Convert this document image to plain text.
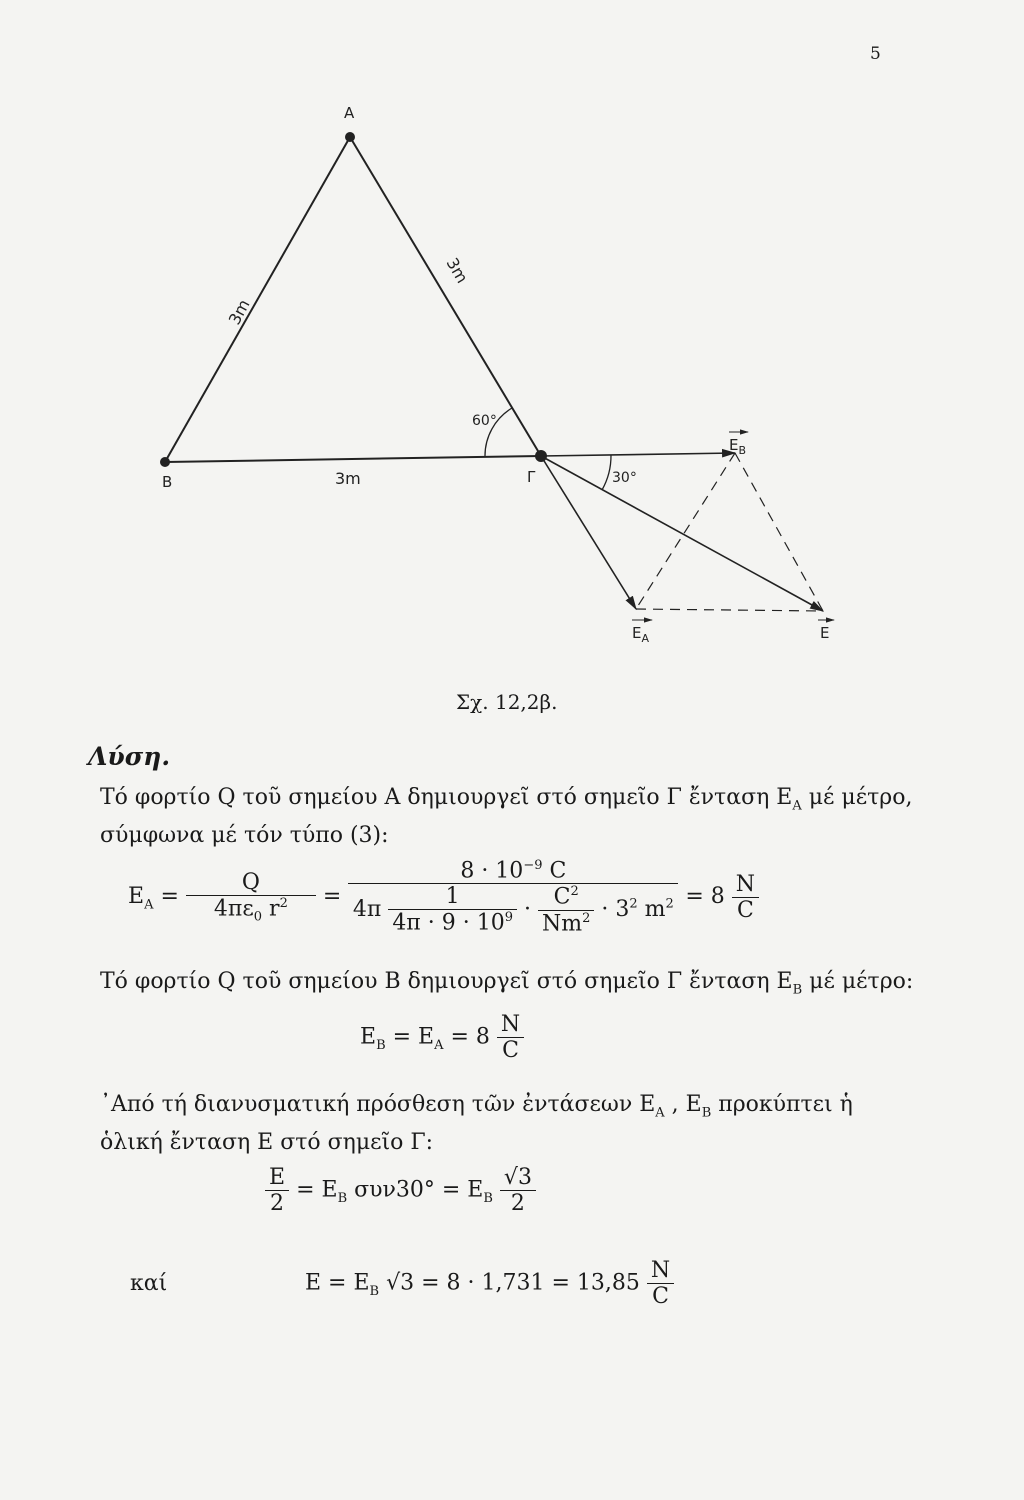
5
A
B	Γ
3m
3m
3m
60°
30°
$E_B$
$E_A$	E
Σχ. 12,2β.
Λύση.
Τό φορτίο Q τοῦ σημείου A δημιουργεῖ στό σημεῖο Γ ἔνταση $E_A$ μέ μέτρο, σύμφωνα μέ τόν τύπο (3):
$E_A = \frac{Q}{4\pi\varepsilon_0 r^2} = \frac{8 \cdot 10^{-9} C}{4\pi \frac{1}{4\pi \cdot 9 \cdot 10^9} \cdot \frac{C^2}{Nm^2} \cdot 3^2 m^2} = 8 \frac{N}{C}$
Τό φορτίο Q τοῦ σημείου B δημιουργεῖ στό σημεῖο Γ ἔνταση $E_B$ μέ μέτρο:
$E_B = E_A = 8 \frac{N}{C}$
᾿Από τή διανυσματική πρόσθεση τῶν ἐντάσεων $E_A$ , $E_B$ προκύπτει ἡ ὁλική ἔνταση E στό σημεῖο Γ:
$\frac{E}{2} = E_B$ $\sigma\upsilon\nu 30^\circ = E_B \frac{√3}{2}$
καί	$E = E_B$ $√3 = 8 \cdot 1,731 = 13,85 \frac{N}{C}$
